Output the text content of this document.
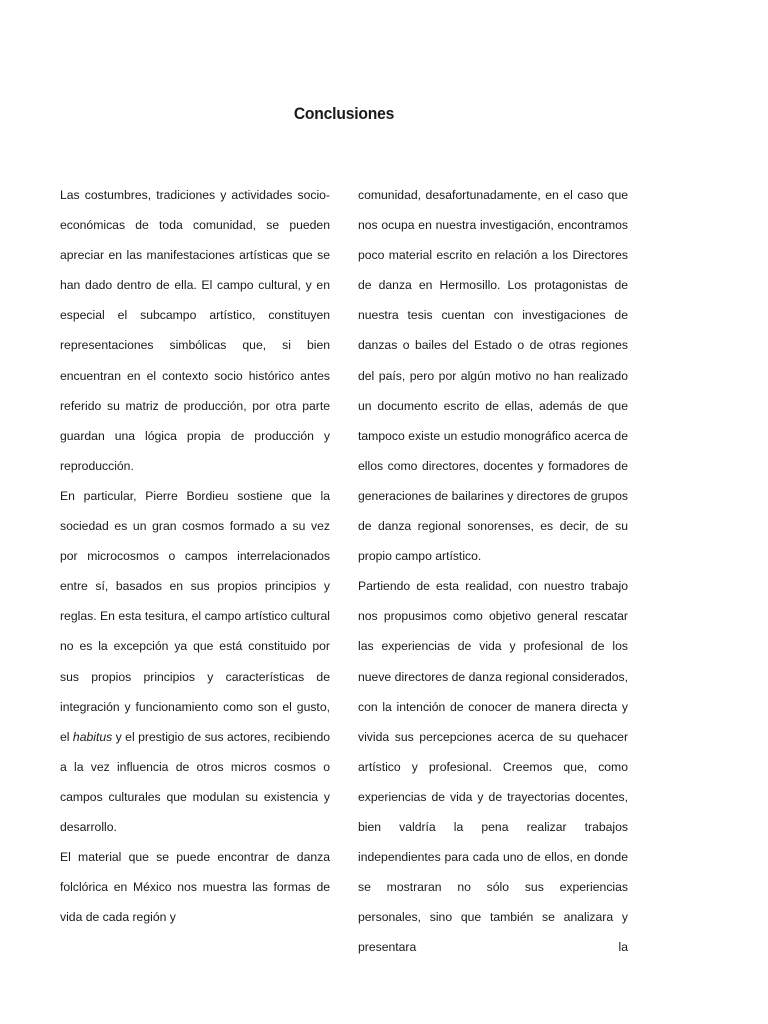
Conclusiones

Las costumbres, tradiciones y actividades socio-económicas de toda comunidad, se pueden apreciar en las manifestaciones artísticas que se han dado dentro de ella. El campo cultural, y en especial el subcampo artístico, constituyen representaciones simbólicas que, si bien encuentran en el contexto socio histórico antes referido su matriz de producción, por otra parte guardan una lógica propia de producción y reproducción.

En particular, Pierre Bordieu sostiene que la sociedad es un gran cosmos formado a su vez por microcosmos o campos interrelacionados entre sí, basados en sus propios principios y reglas. En esta tesitura, el campo artístico cultural no es la excepción ya que está constituido por sus propios principios y características de integración y funcionamiento como son el gusto, el habitus y el prestigio de sus actores, recibiendo a la vez influencia de otros micros cosmos o campos culturales que modulan su existencia y desarrollo.

El material que se puede encontrar de danza folclórica en México nos muestra las formas de vida de cada región y

comunidad, desafortunadamente, en el caso que nos ocupa en nuestra investigación, encontramos poco material escrito en relación a los Directores de danza en Hermosillo. Los protagonistas de nuestra tesis cuentan con investigaciones de danzas o bailes del Estado o de otras regiones del país, pero por algún motivo no han realizado un documento escrito de ellas, además de que tampoco existe un estudio monográfico acerca de ellos como directores, docentes y formadores de generaciones de bailarines y directores de grupos de danza regional sonorenses, es decir, de su propio campo artístico.

Partiendo de esta realidad, con nuestro trabajo nos propusimos como objetivo general rescatar las experiencias de vida y profesional de los nueve directores de danza regional considerados, con la intención de conocer de manera directa y vivida sus percepciones acerca de su quehacer artístico y profesional. Creemos que, como experiencias de vida y de trayectorias docentes, bien valdría la pena realizar trabajos independientes para cada uno de ellos, en donde se mostraran no sólo sus experiencias personales, sino que también se analizara y presentara la
